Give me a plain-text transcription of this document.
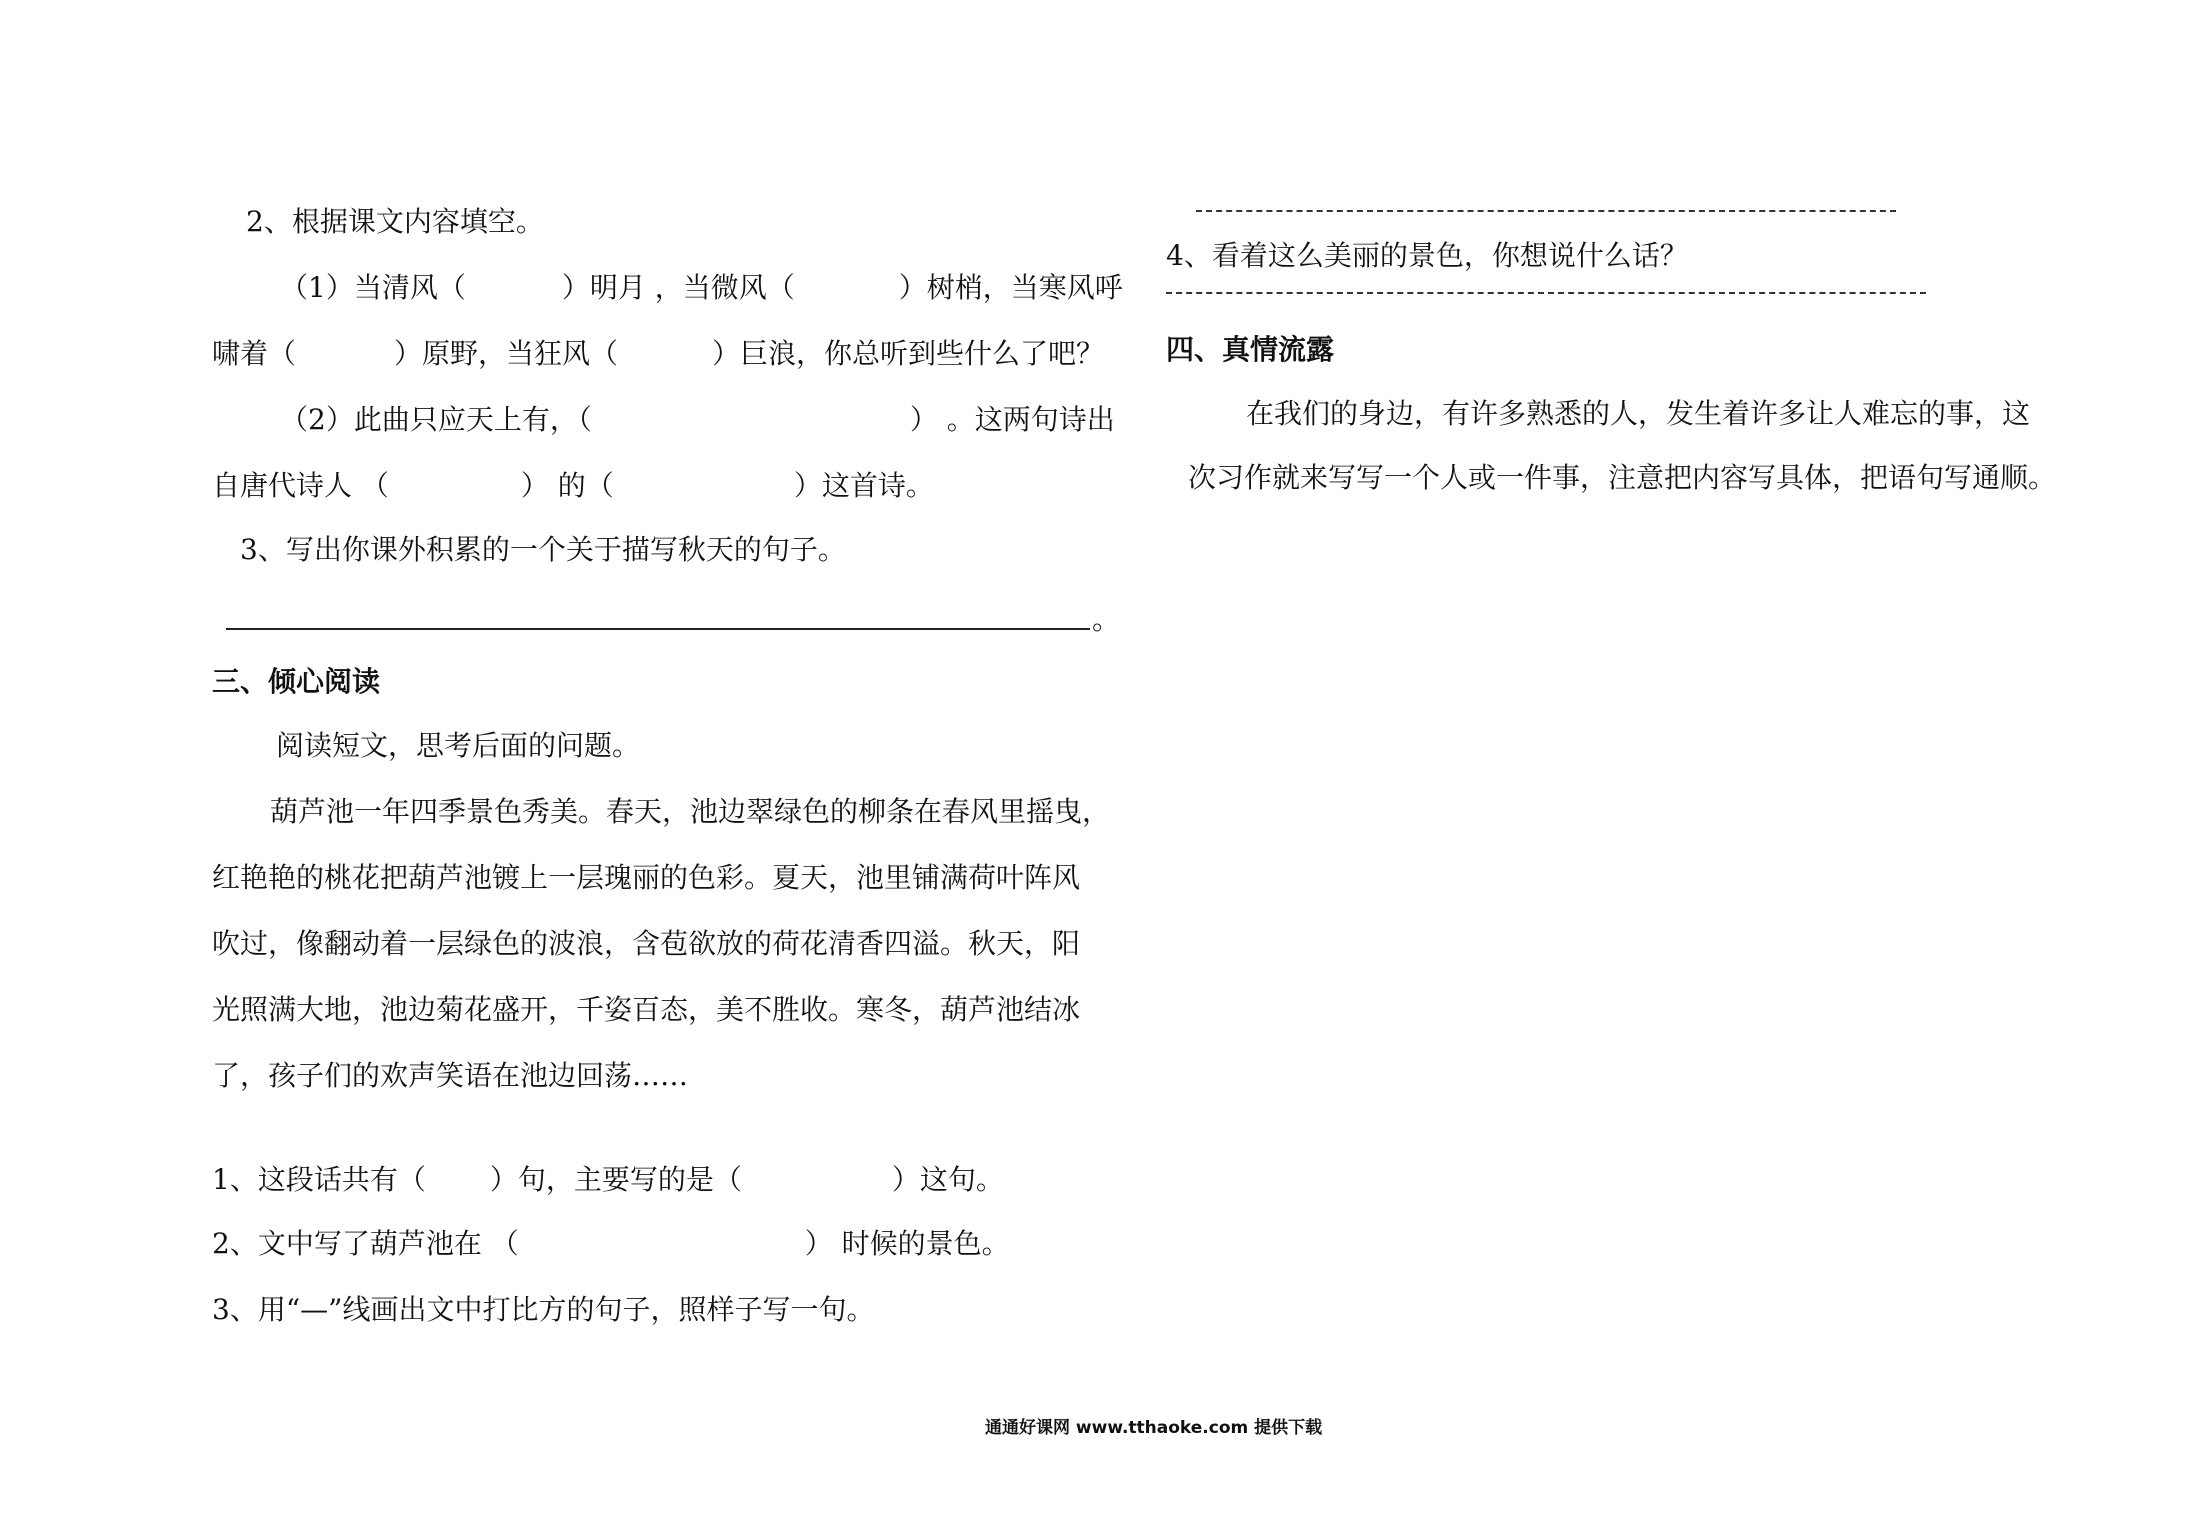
2、根据课文内容填空。
（1）当清风（	）明月 ，当微风（	）树梢，当寒风呼
啸着（	）原野，当狂风（	）巨浪，你总听到些什么了吧？
（2）此曲只应天上有，（	） 。这两句诗出
自唐代诗人 （	） 的（	）这首诗。
3、写出你课外积累的一个关于描写秋天的句子。
。
三、倾心阅读
阅读短文，思考后面的问题。
葫芦池一年四季景色秀美。春天，池边翠绿色的柳条在春风里摇曳，
红艳艳的桃花把葫芦池镀上一层瑰丽的色彩。夏天，池里铺满荷叶阵风
吹过，像翻动着一层绿色的波浪，含苞欲放的荷花清香四溢。秋天，阳
光照满大地，池边菊花盛开，千姿百态，美不胜收。寒冬，葫芦池结冰
了，孩子们的欢声笑语在池边回荡……
1、这段话共有（ ）句，主要写的是（	）这句。
2、文中写了葫芦池在 （	） 时候的景色。
3、用“—”线画出文中打比方的句子，照样子写一句。
4、看着这么美丽的景色，你想说什么话？
四、真情流露
在我们的身边，有许多熟悉的人，发生着许多让人难忘的事，这
次习作就来写写一个人或一件事，注意把内容写具体，把语句写通顺。
通通好课网 www.tthaoke.com 提供下载
